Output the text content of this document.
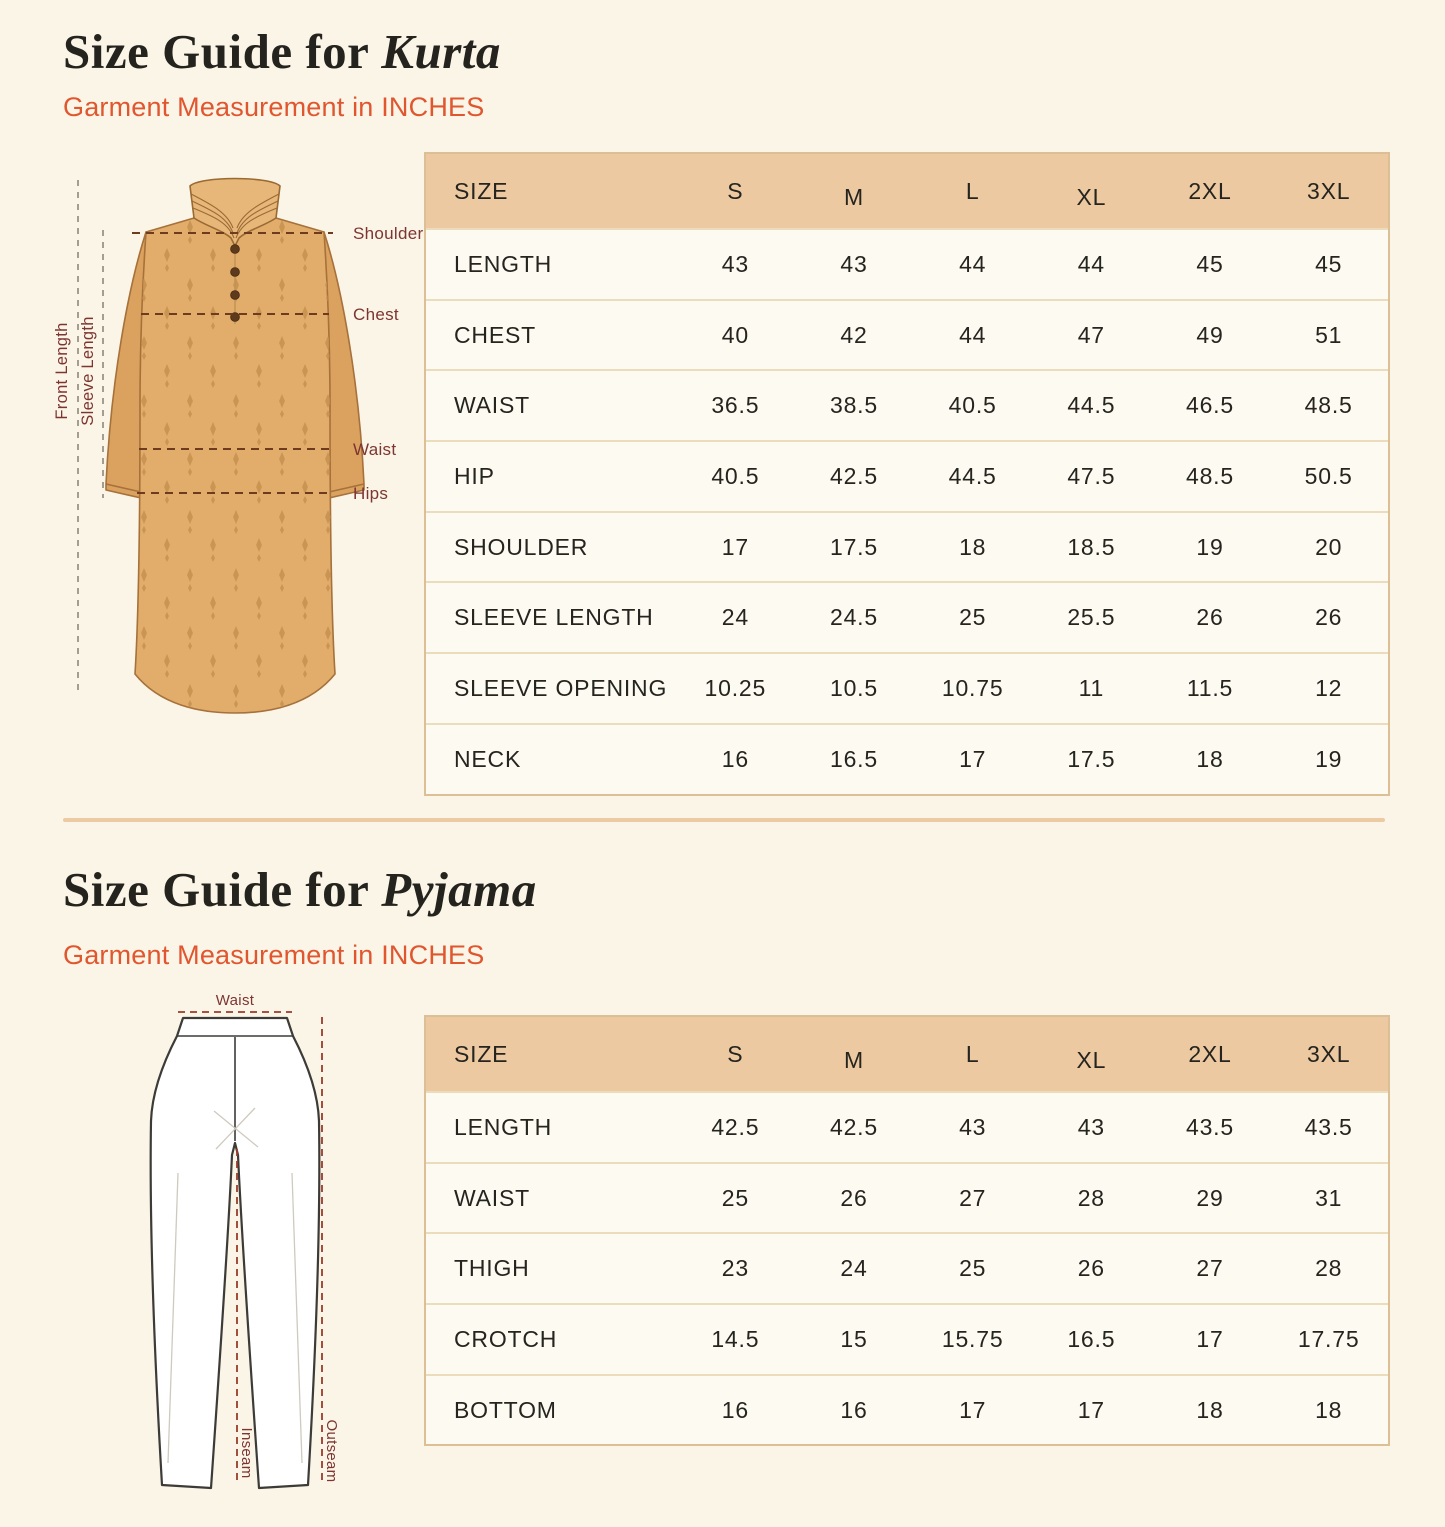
Size Guide for Kurta

Garment Measurement in INCHES

Shoulder
Chest
Waist
Hips
Front Length Sleeve Length
SIZE	S	M	L	XL	2XL	3XL
LENGTH	43	43	44	44	45	45
CHEST	40	42	44	47	49	51
WAIST	36.5	38.5	40.5	44.5	46.5	48.5
HIP	40.5	42.5	44.5	47.5	48.5	50.5
SHOULDER	17	17.5	18	18.5	19	20
SLEEVE LENGTH	24	24.5	25	25.5	26	26
SLEEVE OPENING	10.25	10.5	10.75	11	11.5	12
NECK	16	16.5	17	17.5	18	19
Size Guide for Pyjama

Garment Measurement in INCHES

Waist
Inseam	Outseam
SIZE	S	M	L	XL	2XL	3XL
LENGTH	42.5	42.5	43	43	43.5	43.5
WAIST	25	26	27	28	29	31
THIGH	23	24	25	26	27	28
CROTCH	14.5	15	15.75	16.5	17	17.75
BOTTOM	16	16	17	17	18	18
